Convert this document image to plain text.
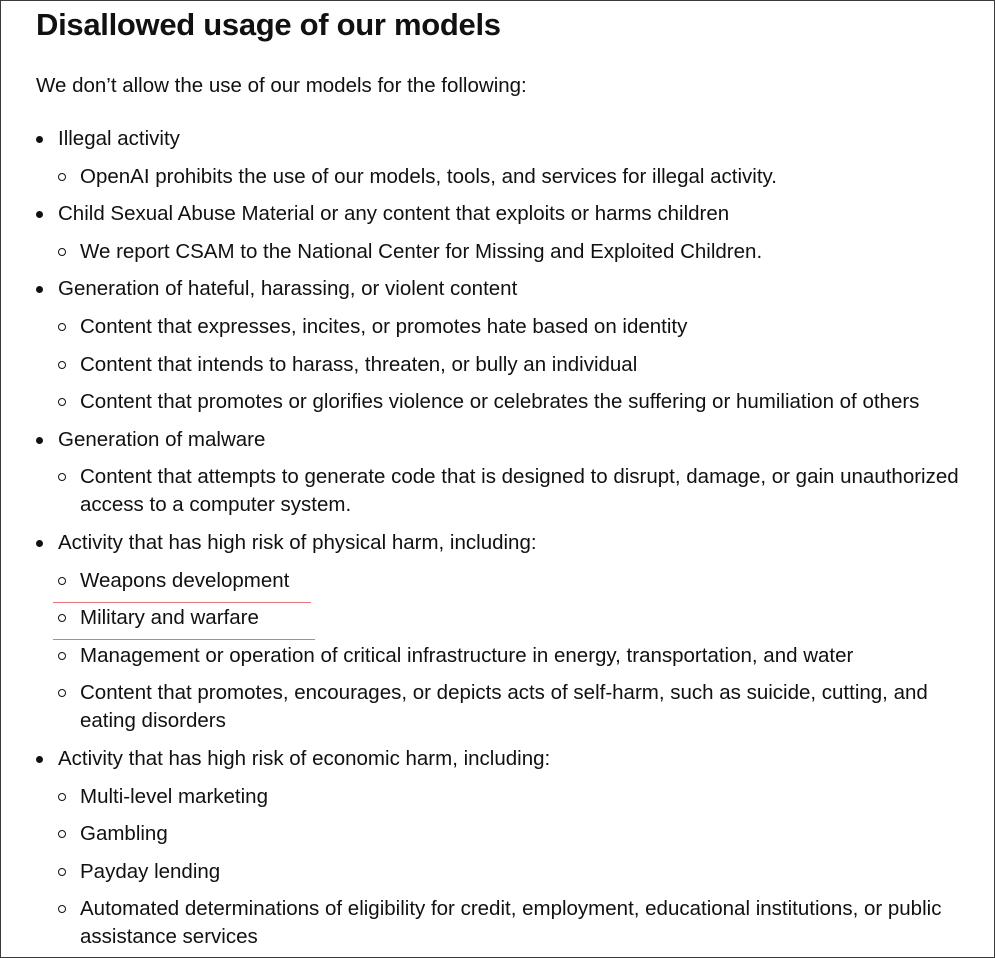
Disallowed usage of our models

We don’t allow the use of our models for the following:

Illegal activity
OpenAI prohibits the use of our models, tools, and services for illegal activity.
Child Sexual Abuse Material or any content that exploits or harms children
We report CSAM to the National Center for Missing and Exploited Children.
Generation of hateful, harassing, or violent content
Content that expresses, incites, or promotes hate based on identity
Content that intends to harass, threaten, or bully an individual
Content that promotes or glorifies violence or celebrates the suffering or humiliation of others
Generation of malware
Content that attempts to generate code that is designed to disrupt, damage, or gain unauthorized access to a computer system.
Activity that has high risk of physical harm, including:
Weapons development
Military and warfare
Management or operation of critical infrastructure in energy, transportation, and water
Content that promotes, encourages, or depicts acts of self-harm, such as suicide, cutting, and eating disorders
Activity that has high risk of economic harm, including:
Multi-level marketing
Gambling
Payday lending
Automated determinations of eligibility for credit, employment, educational institutions, or public assistance services
